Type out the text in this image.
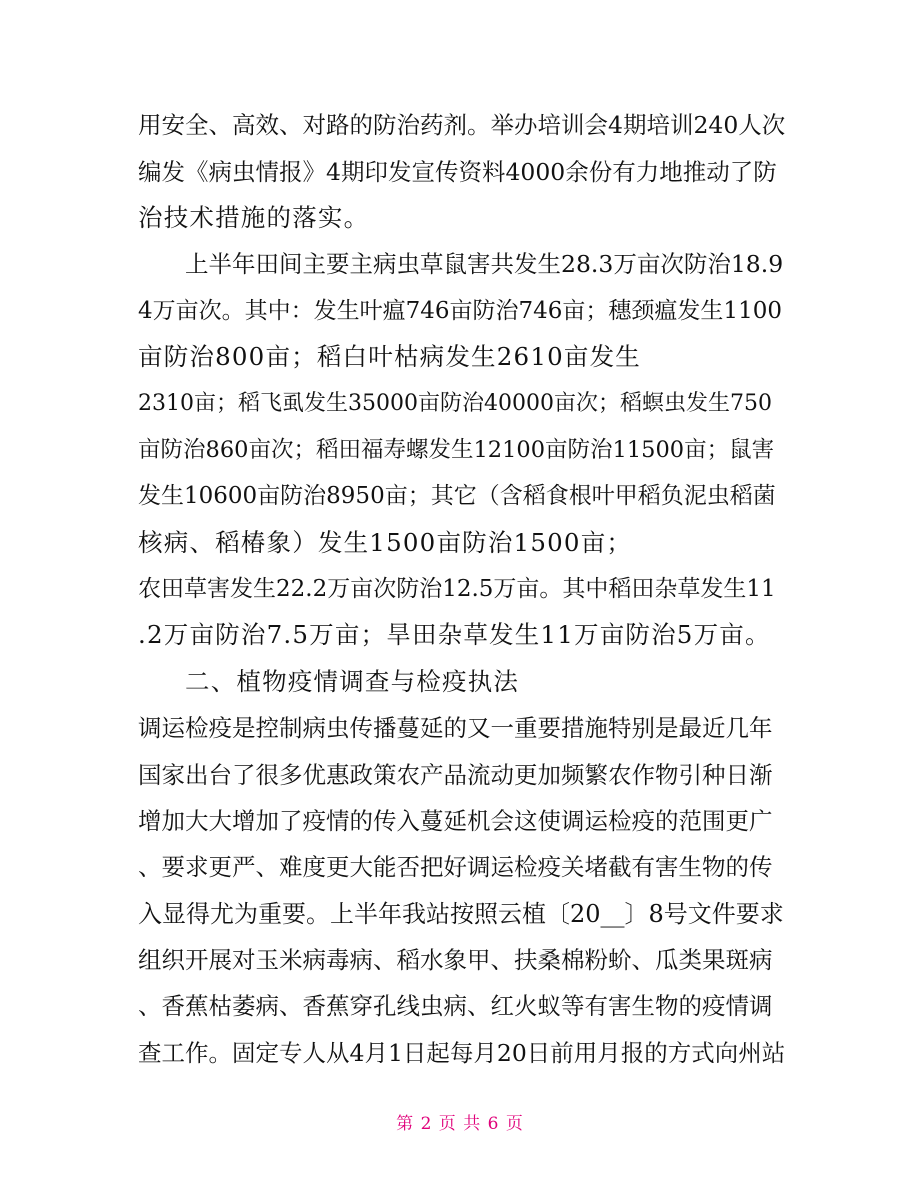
用安全、高效、对路的防治药剂。举办培训会4期培训240人次
编发《病虫情报》4期印发宣传资料4000余份有力地推动了防
治技术措施的落实。
上半年田间主要主病虫草鼠害共发生28.3万亩次防治18.9
4万亩次。其中：发生叶瘟746亩防治746亩；穗颈瘟发生1100
亩防治800亩；稻白叶枯病发生2610亩发生
2310亩；稻飞虱发生35000亩防治40000亩次；稻螟虫发生750
亩防治860亩次；稻田福寿螺发生12100亩防治11500亩；鼠害
发生10600亩防治8950亩；其它（含稻食根叶甲稻负泥虫稻菌
核病、稻椿象）发生1500亩防治1500亩；
农田草害发生22.2万亩次防治12.5万亩。其中稻田杂草发生11
.2万亩防治7.5万亩；旱田杂草发生11万亩防治5万亩。
二、植物疫情调查与检疫执法
调运检疫是控制病虫传播蔓延的又一重要措施特别是最近几年
国家出台了很多优惠政策农产品流动更加频繁农作物引种日渐
增加大大增加了疫情的传入蔓延机会这使调运检疫的范围更广
、要求更严、难度更大能否把好调运检疫关堵截有害生物的传
入显得尤为重要。上半年我站按照云植〔20__〕8号文件要求
组织开展对玉米病毒病、稻水象甲、扶桑棉粉蚧、瓜类果斑病
、香蕉枯萎病、香蕉穿孔线虫病、红火蚁等有害生物的疫情调
查工作。固定专人从4月1日起每月20日前用月报的方式向州站
第 2 页 共 6 页
